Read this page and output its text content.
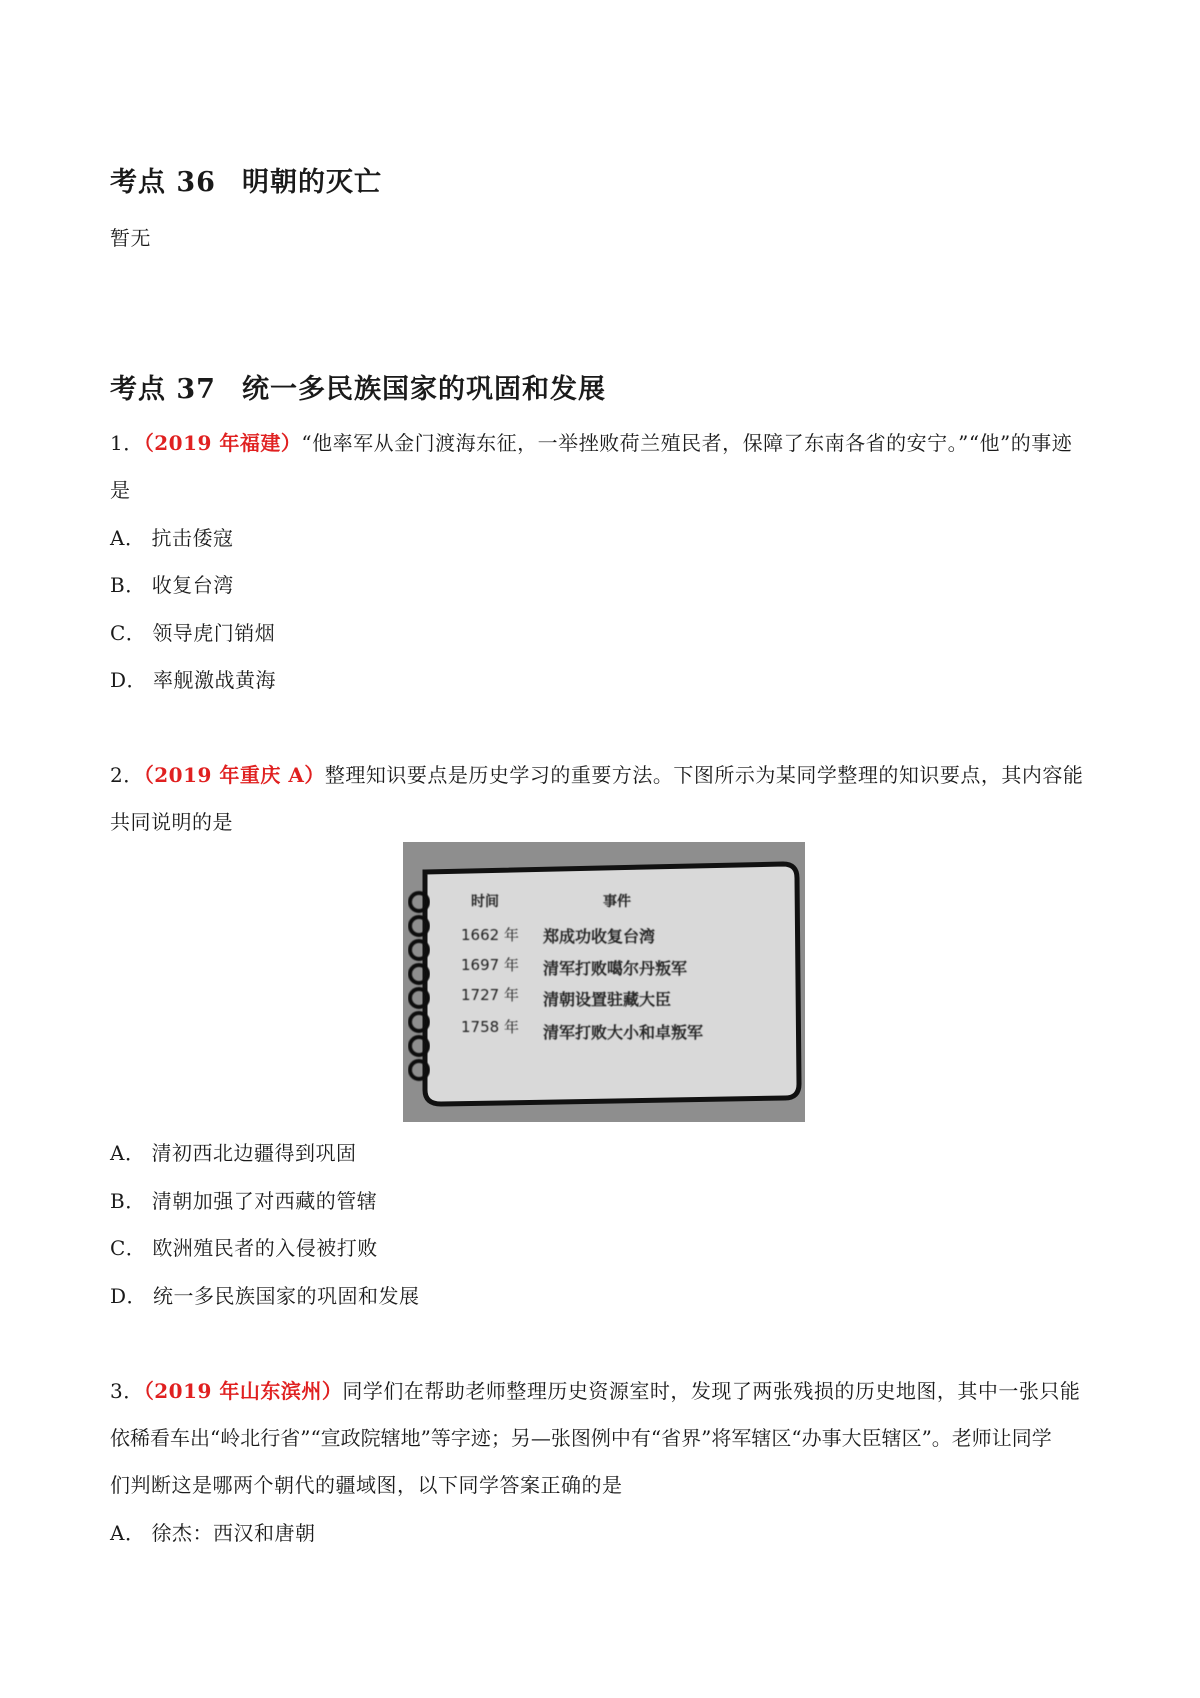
考点 36 明朝的灭亡
暂无
考点 37 统一多民族国家的巩固和发展
1．（2019 年福建）“他率军从金门渡海东征，一举挫败荷兰殖民者，保障了东南各省的安宁。”“他”的事迹
是
A． 抗击倭寇
B． 收复台湾
C． 领导虎门销烟
D． 率舰激战黄海
2．（2019 年重庆 A）整理知识要点是历史学习的重要方法。下图所示为某同学整理的知识要点，其内容能
共同说明的是
时间	事件
1662 年 郑成功收复台湾
1697 年 清军打败噶尔丹叛军
1727 年 清朝设置驻藏大臣
1758 年 清军打败大小和卓叛军
A． 清初西北边疆得到巩固
B． 清朝加强了对西藏的管辖
C． 欧洲殖民者的入侵被打败
D． 统一多民族国家的巩固和发展
3．（2019 年山东滨州）同学们在帮助老师整理历史资源室时，发现了两张残损的历史地图，其中一张只能
依稀看车出“岭北行省”“宣政院辖地”等字迹；另—张图例中有“省界”将军辖区“办事大臣辖区”。老师让同学
们判断这是哪两个朝代的疆域图，以下同学答案正确的是
A． 徐杰：西汉和唐朝
